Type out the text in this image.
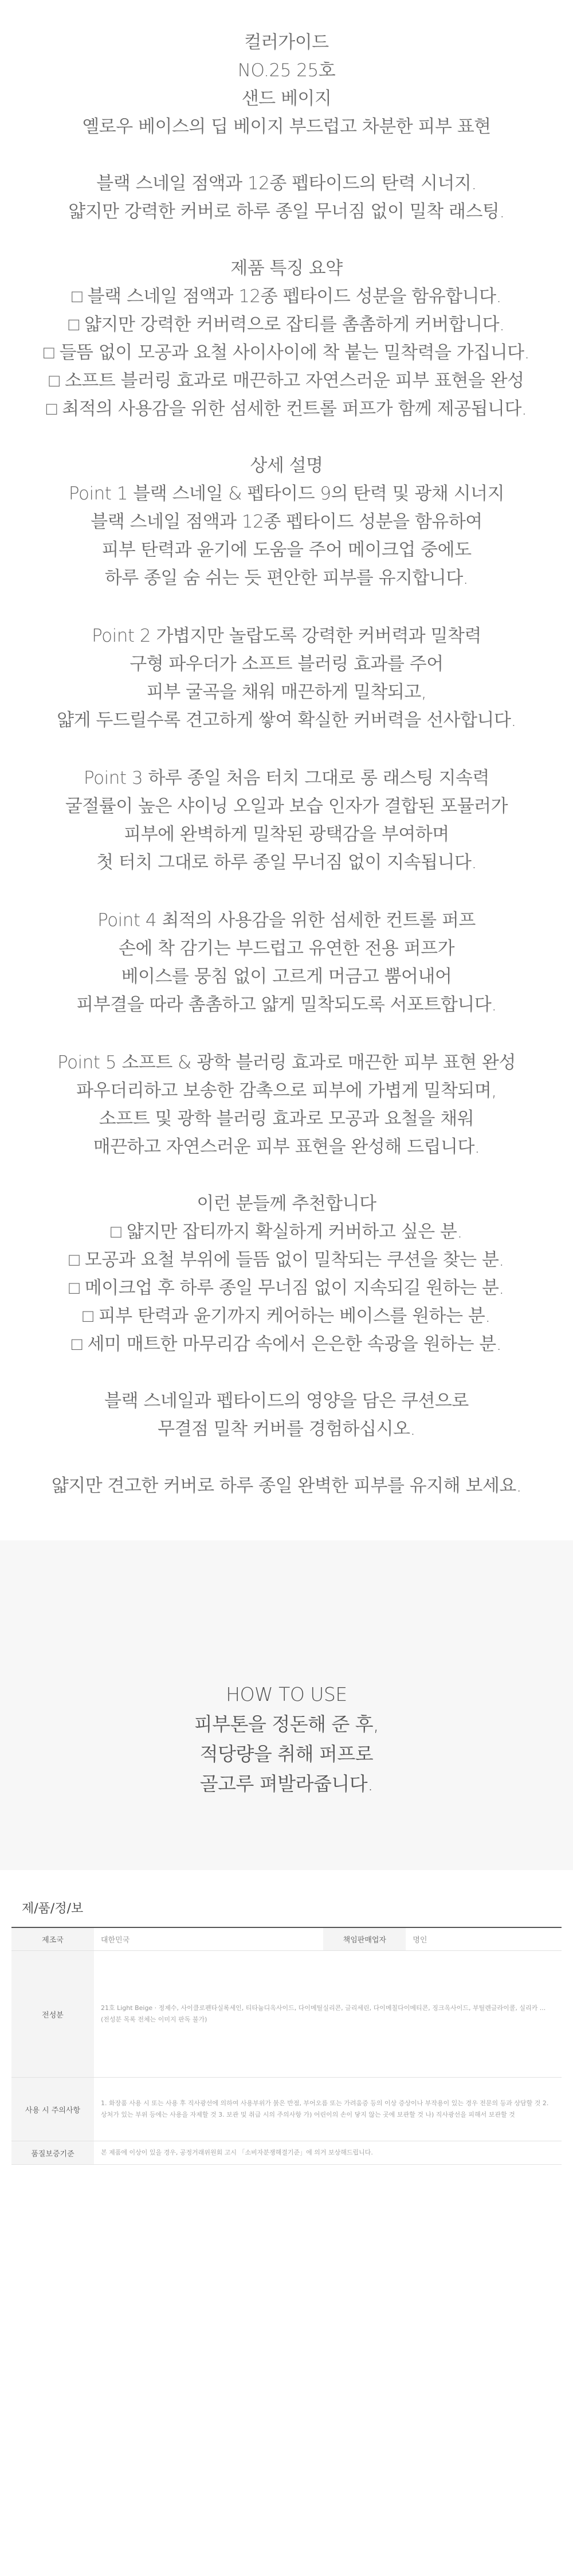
컬러가이드
NO.25 25호
샌드 베이지
옐로우 베이스의 딥 베이지 부드럽고 차분한 피부 표현
블랙 스네일 점액과 12종 펩타이드의 탄력 시너지.
얇지만 강력한 커버로 하루 종일 무너짐 없이 밀착 래스팅.
제품 특징 요약
□ 블랙 스네일 점액과 12종 펩타이드 성분을 함유합니다.
□ 얇지만 강력한 커버력으로 잡티를 촘촘하게 커버합니다.
□ 들뜸 없이 모공과 요철 사이사이에 착 붙는 밀착력을 가집니다.
□ 소프트 블러링 효과로 매끈하고 자연스러운 피부 표현을 완성
□ 최적의 사용감을 위한 섬세한 컨트롤 퍼프가 함께 제공됩니다.
상세 설명
Point 1 블랙 스네일 & 펩타이드 9의 탄력 및 광채 시너지
블랙 스네일 점액과 12종 펩타이드 성분을 함유하여
피부 탄력과 윤기에 도움을 주어 메이크업 중에도
하루 종일 숨 쉬는 듯 편안한 피부를 유지합니다.
Point 2 가볍지만 놀랍도록 강력한 커버력과 밀착력
구형 파우더가 소프트 블러링 효과를 주어
피부 굴곡을 채워 매끈하게 밀착되고,
얇게 두드릴수록 견고하게 쌓여 확실한 커버력을 선사합니다.
Point 3 하루 종일 처음 터치 그대로 롱 래스팅 지속력
굴절률이 높은 샤이닝 오일과 보습 인자가 결합된 포뮬러가
피부에 완벽하게 밀착된 광택감을 부여하며
첫 터치 그대로 하루 종일 무너짐 없이 지속됩니다.
Point 4 최적의 사용감을 위한 섬세한 컨트롤 퍼프
손에 착 감기는 부드럽고 유연한 전용 퍼프가
베이스를 뭉침 없이 고르게 머금고 뿜어내어
피부결을 따라 촘촘하고 얇게 밀착되도록 서포트합니다.
Point 5 소프트 & 광학 블러링 효과로 매끈한 피부 표현 완성
파우더리하고 보송한 감촉으로 피부에 가볍게 밀착되며,
소프트 및 광학 블러링 효과로 모공과 요철을 채워
매끈하고 자연스러운 피부 표현을 완성해 드립니다.
이런 분들께 추천합니다
□ 얇지만 잡티까지 확실하게 커버하고 싶은 분.
□ 모공과 요철 부위에 들뜸 없이 밀착되는 쿠션을 찾는 분.
□ 메이크업 후 하루 종일 무너짐 없이 지속되길 원하는 분.
□ 피부 탄력과 윤기까지 케어하는 베이스를 원하는 분.
□ 세미 매트한 마무리감 속에서 은은한 속광을 원하는 분.
블랙 스네일과 펩타이드의 영양을 담은 쿠션으로
무결점 밀착 커버를 경험하십시오.
얇지만 견고한 커버로 하루 종일 완벽한 피부를 유지해 보세요.
HOW TO USE
피부톤을 정돈해 준 후,
적당량을 취해 퍼프로
골고루 펴발라줍니다.
제/품/정/보
제조국	대한민국	책임판매업자	명인
전성분	21호 Light Beige · 정제수, 사이클로펜타실록세인, 티타늄디옥사이드, 다이메틸실리콘, 글리세린, 다이메칠다이메티콘, 징크옥사이드, 부틸렌글라이콜, 실리카 ... (전성분 목록 전체는 이미지 판독 불가)		
사용 시 주의사항	1. 화장품 사용 시 또는 사용 후 직사광선에 의하여 사용부위가 붉은 반점, 부어오름 또는 가려움증 등의 이상 증상이나 부작용이 있는 경우 전문의 등과 상담할 것 2. 상처가 있는 부위 등에는 사용을 자제할 것 3. 보관 및 취급 시의 주의사항 가) 어린이의 손이 닿지 않는 곳에 보관할 것 나) 직사광선을 피해서 보관할 것		
품질보증기준	본 제품에 이상이 있을 경우, 공정거래위원회 고시 「소비자분쟁해결기준」에 의거 보상해드립니다.		
